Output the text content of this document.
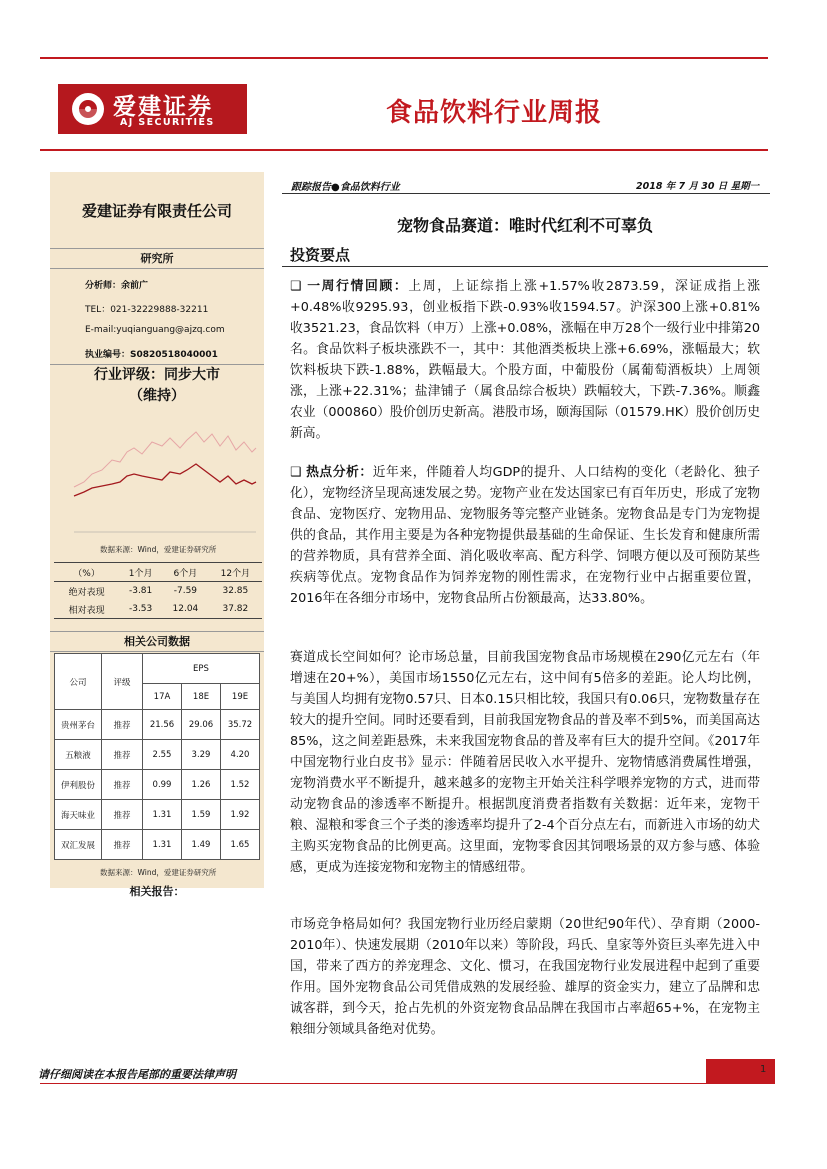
爱建证券
AJ SECURITIES	食品饮料行业周报
爱建证券有限责任公司
研究所
分析师：余前广
TEL：021-32229888-32211
E-mail:yuqianguang@ajzq.com
执业编号：S0820518040001
行业评级：同步大市
（维持）
数据来源：Wind，爱建证券研究所
（%）	1个月	6个月	12个月
绝对表现	-3.81	-7.59	32.85
相对表现	-3.53	12.04	37.82
相关公司数据
公司	评级	EPS		
		17A	18E	19E
贵州茅台	推荐	21.56	29.06	35.72
五粮液	推荐	2.55	3.29	4.20
伊利股份	推荐	0.99	1.26	1.52
海天味业	推荐	1.31	1.59	1.92
双汇发展	推荐	1.31	1.49	1.65
数据来源：Wind，爱建证券研究所
相关报告：
跟踪报告●食品饮料行业	2018 年 7 月 30 日 星期一
宠物食品赛道：唯时代红利不可辜负
投资要点
❑ 一周行情回顾：上周，上证综指上涨+1.57%收2873.59，深证成指上涨+0.48%收9295.93，创业板指下跌-0.93%收1594.57。沪深300上涨+0.81%收3521.23，食品饮料（申万）上涨+0.08%，涨幅在申万28个一级行业中排第20名。食品饮料子板块涨跌不一，其中：其他酒类板块上涨+6.69%，涨幅最大；软饮料板块下跌-1.88%，跌幅最大。个股方面，中葡股份（属葡萄酒板块）上周领涨，上涨+22.31%；盐津铺子（属食品综合板块）跌幅较大，下跌-7.36%。顺鑫农业（000860）股价创历史新高。港股市场，颐海国际（01579.HK）股价创历史新高。
❑ 热点分析：近年来，伴随着人均GDP的提升、人口结构的变化（老龄化、独子化），宠物经济呈现高速发展之势。宠物产业在发达国家已有百年历史，形成了宠物食品、宠物医疗、宠物用品、宠物服务等完整产业链条。宠物食品是专门为宠物提供的食品，其作用主要是为各种宠物提供最基础的生命保证、生长发育和健康所需的营养物质，具有营养全面、消化吸收率高、配方科学、饲喂方便以及可预防某些疾病等优点。宠物食品作为饲养宠物的刚性需求，在宠物行业中占据重要位置，2016年在各细分市场中，宠物食品所占份额最高，达33.80%。
赛道成长空间如何？论市场总量，目前我国宠物食品市场规模在290亿元左右（年增速在20+%），美国市场1550亿元左右，这中间有5倍多的差距。论人均比例，与美国人均拥有宠物0.57只、日本0.15只相比较，我国只有0.06只，宠物数量存在较大的提升空间。同时还要看到，目前我国宠物食品的普及率不到5%，而美国高达85%，这之间差距悬殊，未来我国宠物食品的普及率有巨大的提升空间。《2017年中国宠物行业白皮书》显示：伴随着居民收入水平提升、宠物情感消费属性增强，宠物消费水平不断提升，越来越多的宠物主开始关注科学喂养宠物的方式，进而带动宠物食品的渗透率不断提升。根据凯度消费者指数有关数据：近年来，宠物干粮、湿粮和零食三个子类的渗透率均提升了2-4个百分点左右，而新进入市场的幼犬主购买宠物食品的比例更高。这里面，宠物零食因其饲喂场景的双方参与感、体验感，更成为连接宠物和宠物主的情感纽带。
市场竞争格局如何？我国宠物行业历经启蒙期（20世纪90年代）、孕育期（2000-2010年）、快速发展期（2010年以来）等阶段，玛氏、皇家等外资巨头率先进入中国，带来了西方的养宠理念、文化、惯习，在我国宠物行业发展进程中起到了重要作用。国外宠物食品公司凭借成熟的发展经验、雄厚的资金实力，建立了品牌和忠诚客群，到今天，抢占先机的外资宠物食品品牌在我国市占率超65+%，在宠物主粮细分领域具备绝对优势。
请仔细阅读在本报告尾部的重要法律声明	1
